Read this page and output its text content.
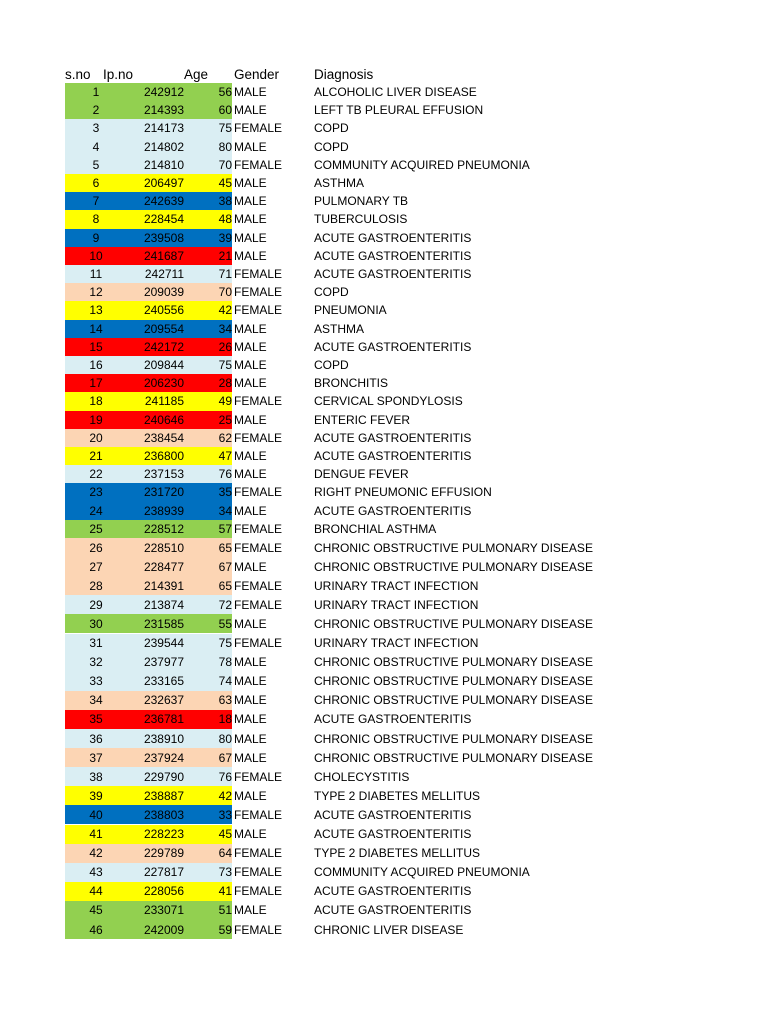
s.no Ip.no	Age Gender	Diagnosis
1	242912	56 MALE	ALCOHOLIC LIVER DISEASE
2	214393	60 MALE	LEFT TB PLEURAL EFFUSION
3	214173	75 FEMALE	COPD
4	214802	80 MALE	COPD
5	214810	70 FEMALE	COMMUNITY ACQUIRED PNEUMONIA
6	206497	45 MALE	ASTHMA
7	242639	38 MALE	PULMONARY TB
8	228454	48 MALE	TUBERCULOSIS
9	239508	39 MALE	ACUTE GASTROENTERITIS
10	241687	21 MALE	ACUTE GASTROENTERITIS
11	242711	71 FEMALE	ACUTE GASTROENTERITIS
12	209039	70 FEMALE	COPD
13	240556	42 FEMALE	PNEUMONIA
14	209554	34 MALE	ASTHMA
15	242172	26 MALE	ACUTE GASTROENTERITIS
16	209844	75 MALE	COPD
17	206230	28 MALE	BRONCHITIS
18	241185	49 FEMALE	CERVICAL SPONDYLOSIS
19	240646	25 MALE	ENTERIC FEVER
20	238454	62 FEMALE	ACUTE GASTROENTERITIS
21	236800	47 MALE	ACUTE GASTROENTERITIS
22	237153	76 MALE	DENGUE FEVER
23	231720	35 FEMALE	RIGHT PNEUMONIC EFFUSION
24	238939	34 MALE	ACUTE GASTROENTERITIS
25	228512	57 FEMALE	BRONCHIAL ASTHMA
26	228510	65 FEMALE	CHRONIC OBSTRUCTIVE PULMONARY DISEASE
27	228477	67 MALE	CHRONIC OBSTRUCTIVE PULMONARY DISEASE
28	214391	65 FEMALE	URINARY TRACT INFECTION
29	213874	72 FEMALE	URINARY TRACT INFECTION
30	231585	55 MALE	CHRONIC OBSTRUCTIVE PULMONARY DISEASE
31	239544	75 FEMALE	URINARY TRACT INFECTION
32	237977	78 MALE	CHRONIC OBSTRUCTIVE PULMONARY DISEASE
33	233165	74 MALE	CHRONIC OBSTRUCTIVE PULMONARY DISEASE
34	232637	63 MALE	CHRONIC OBSTRUCTIVE PULMONARY DISEASE
35	236781	18 MALE	ACUTE GASTROENTERITIS
36	238910	80 MALE	CHRONIC OBSTRUCTIVE PULMONARY DISEASE
37	237924	67 MALE	CHRONIC OBSTRUCTIVE PULMONARY DISEASE
38	229790	76 FEMALE	CHOLECYSTITIS
39	238887	42 MALE	TYPE 2 DIABETES MELLITUS
40	238803	33 FEMALE	ACUTE GASTROENTERITIS
41	228223	45 MALE	ACUTE GASTROENTERITIS
42	229789	64 FEMALE	TYPE 2 DIABETES MELLITUS
43	227817	73 FEMALE	COMMUNITY ACQUIRED PNEUMONIA
44	228056	41 FEMALE	ACUTE GASTROENTERITIS
45	233071	51 MALE	ACUTE GASTROENTERITIS
46	242009	59 FEMALE	CHRONIC LIVER DISEASE
